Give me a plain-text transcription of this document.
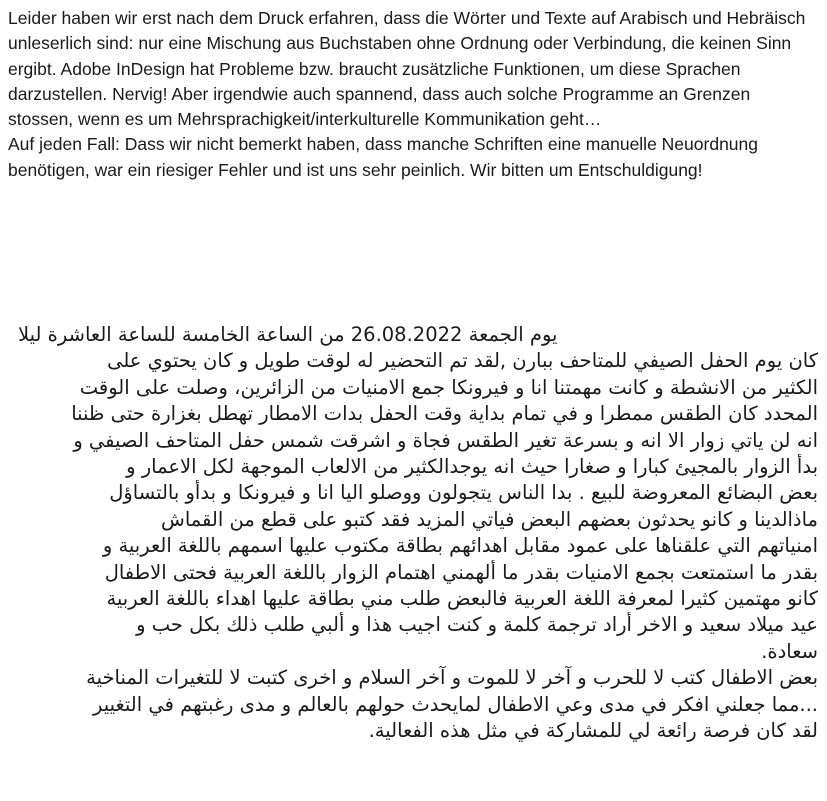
Leider haben wir erst nach dem Druck erfahren, dass die Wörter und Texte auf Arabisch und Hebräisch unleserlich sind: nur eine Mischung aus Buchstaben ohne Ordnung oder Verbindung, die keinen Sinn ergibt. Adobe InDesign hat Probleme bzw. braucht zusätzliche Funktionen, um diese Sprachen darzustellen. Nervig! Aber irgendwie auch spannend, dass auch solche Programme an Grenzen stossen, wenn es um Mehrsprachigkeit/interkulturelle Kommunikation geht…

Auf jeden Fall: Dass wir nicht bemerkt haben, dass manche Schriften eine manuelle Neuordnung benötigen, war ein riesiger Fehler und ist uns sehr peinlich. Wir bitten um Entschuldigung!

يوم الجمعة 26.08.2022 من الساعة الخامسة للساعة العاشرة ليلا

كان يوم الحفل الصيفي للمتاحف ببارن ,لقد تم التحضير له لوقت طويل و كان يحتوي على

الكثير من الانشطة و كانت مهمتنا انا و فيرونكا جمع الامنيات من الزائرين، وصلت على الوقت

المحدد كان الطقس ممطرا و في تمام بداية وقت الحفل بدات الامطار تهطل بغزارة حتى ظننا

انه لن ياتي زوار الا انه و بسرعة تغير الطقس فجاة و اشرقت شمس حفل المتاحف الصيفي و

بدأ الزوار بالمجيئ كبارا و صغارا حيث انه يوجدالكثير من الالعاب الموجهة لكل الاعمار و

بعض البضائع المعروضة للبيع . بدا الناس يتجولون ووصلو اليا انا و فيرونكا و بدأو بالتساؤل

ماذالدينا و كانو يحدثون بعضهم البعض فياتي المزيد فقد كتبو على قطع من القماش

امنياتهم التي علقناها على عمود مقابل اهدائهم بطاقة مكتوب عليها اسمهم باللغة العربية و

بقدر ما استمتعت بجمع الامنيات بقدر ما ألهمني اهتمام الزوار باللغة العربية فحتى الاطفال

كانو مهتمين كثيرا لمعرفة اللغة العربية فالبعض طلب مني بطاقة عليها اهداء باللغة العربية

عيد ميلاد سعيد و الاخر أراد ترجمة كلمة و كنت اجيب هذا و ألبي طلب ذلك بكل حب و

سعادة.

بعض الاطفال كتب لا للحرب و آخر لا للموت و آخر السلام و اخرى كتبت لا للتغيرات المناخية

...مما جعلني افكر في مدى وعي الاطفال لمايحدث حولهم بالعالم و مدى رغبتهم في التغيير

لقد كان فرصة رائعة لي للمشاركة في مثل هذه الفعالية.
